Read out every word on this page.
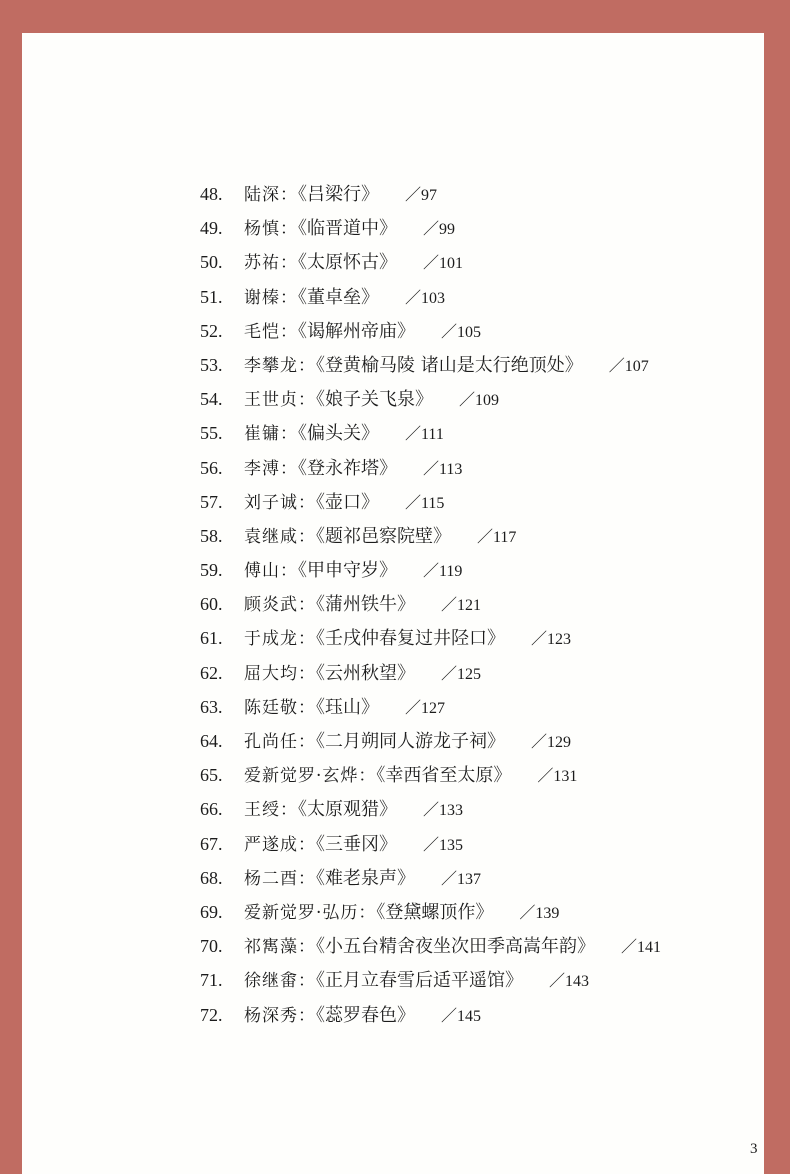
48. 陆深：《吕梁行》 ／97
49. 杨慎：《临晋道中》 ／99
50. 苏祐：《太原怀古》 ／101
51. 谢榛：《董卓垒》 ／103
52. 毛恺：《谒解州帝庙》 ／105
53. 李攀龙：《登黄榆马陵 诸山是太行绝顶处》 ／107
54. 王世贞：《娘子关飞泉》 ／109
55. 崔镛：《偏头关》 ／111
56. 李溥：《登永祚塔》 ／113
57. 刘子诚：《壶口》 ／115
58. 袁继咸：《题祁邑察院壁》 ／117
59. 傅山：《甲申守岁》 ／119
60. 顾炎武：《蒲州铁牛》 ／121
61. 于成龙：《壬戌仲春复过井陉口》 ／123
62. 屈大均：《云州秋望》 ／125
63. 陈廷敬：《珏山》 ／127
64. 孔尚任：《二月朔同人游龙子祠》 ／129
65. 爱新觉罗·玄烨：《幸西省至太原》 ／131
66. 王绶：《太原观猎》 ／133
67. 严遂成：《三垂冈》 ／135
68. 杨二酉：《难老泉声》 ／137
69. 爱新觉罗·弘历：《登黛螺顶作》 ／139
70. 祁寯藻：《小五台精舍夜坐次田季高嵩年韵》 ／141
71. 徐继畬：《正月立春雪后适平遥馆》 ／143
72. 杨深秀：《蕊罗春色》 ／145
3
